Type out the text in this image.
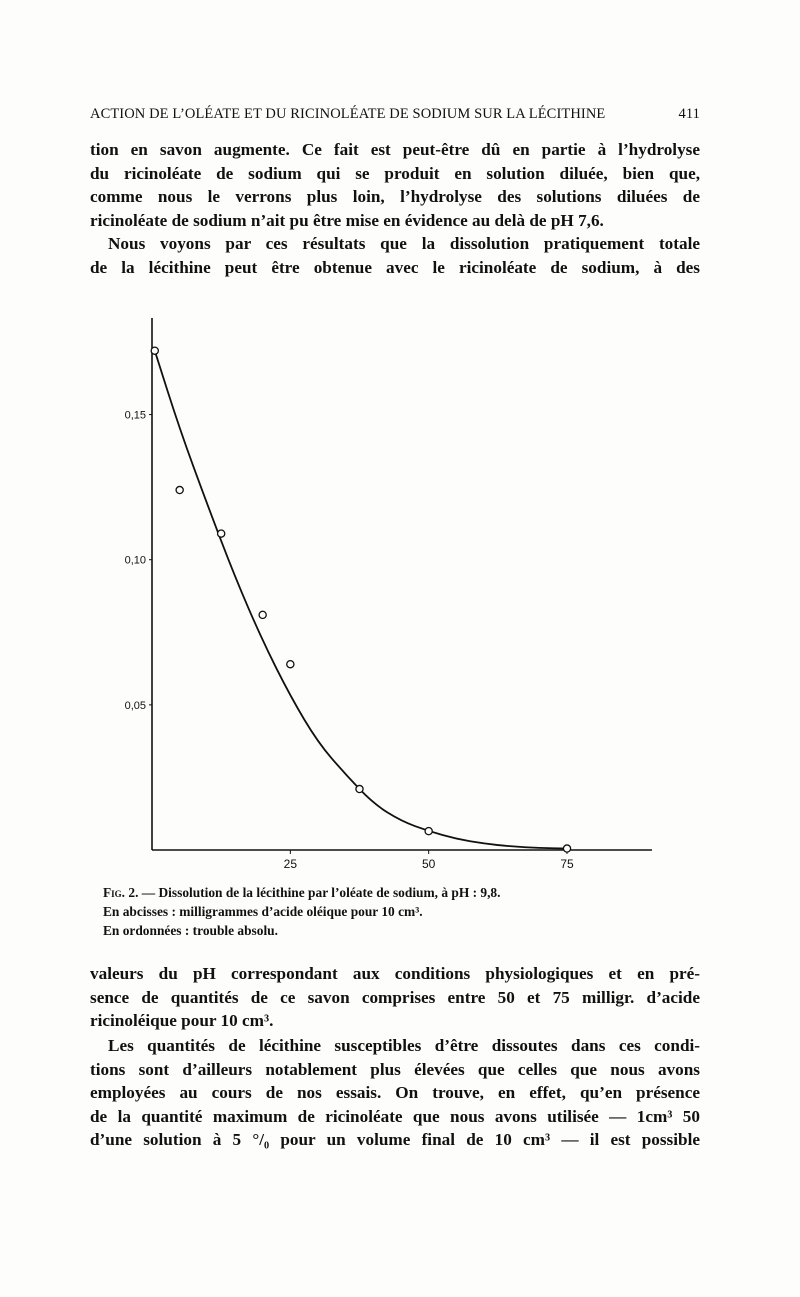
ACTION DE L’OLÉATE ET DU RICINOLÉATE DE SODIUM SUR LA LÉCITHINE	411
tion en savon augmente. Ce fait est peut-être dû en partie à l’hydrolyse
du ricinoléate de sodium qui se produit en solution diluée, bien que,
comme nous le verrons plus loin, l’hydrolyse des solutions diluées de
ricinoléate de sodium n’ait pu être mise en évidence au delà de pH 7,6.
Nous voyons par ces résultats que la dissolution pratiquement totale
de la lécithine peut être obtenue avec le ricinoléate de sodium, à des
25	50	75
0,05
0,10
0,15
Fig. 2. — Dissolution de la lécithine par l’oléate de sodium, à pH : 9,8.
En abcisses : milligrammes d’acide oléique pour 10 cm³.
En ordonnées : trouble absolu.
valeurs du pH correspondant aux conditions physiologiques et en pré-
sence de quantités de ce savon comprises entre 50 et 75 milligr. d’acide
ricinoléique pour 10 cm³.
Les quantités de lécithine susceptibles d’être dissoutes dans ces condi-
tions sont d’ailleurs notablement plus élevées que celles que nous avons
employées au cours de nos essais. On trouve, en effet, qu’en présence
de la quantité maximum de ricinoléate que nous avons utilisée — 1cm³ 50
d’une solution à 5 °/₀ pour un volume final de 10 cm³ — il est possible
